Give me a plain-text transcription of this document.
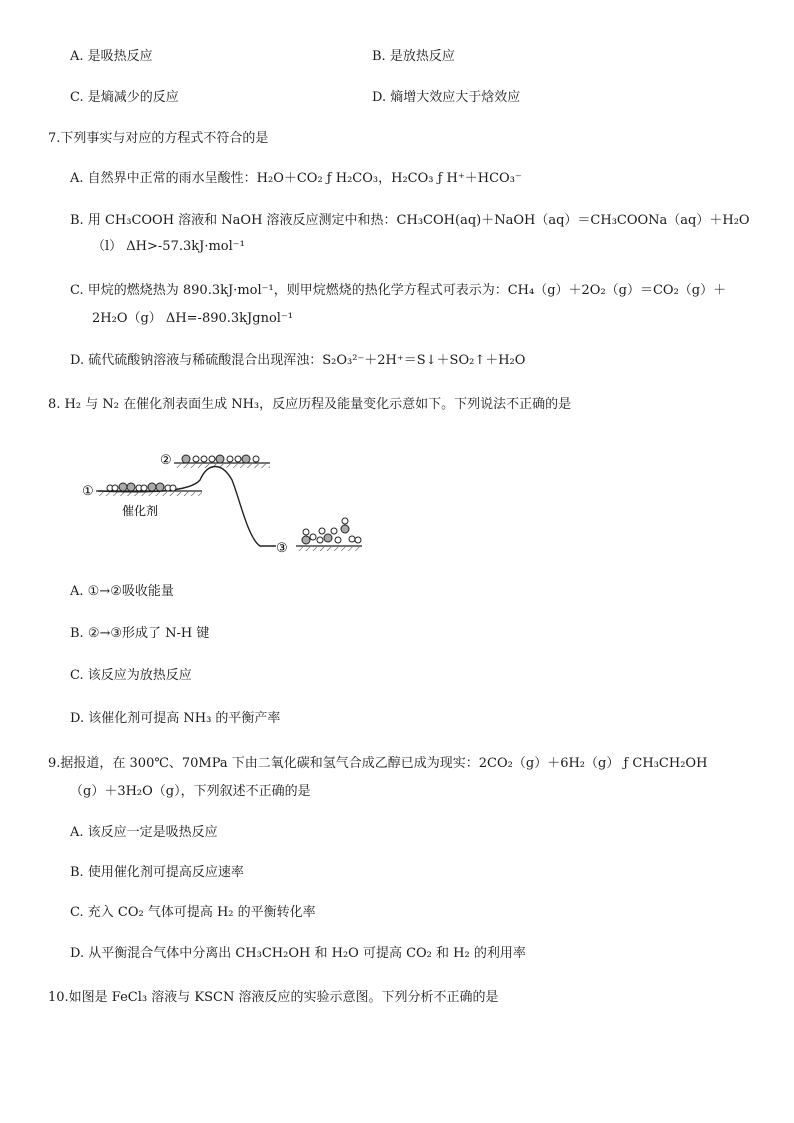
A. 是吸热反应	B. 是放热反应
C. 是熵减少的反应	D. 熵增大效应大于焓效应
7.下列事实与对应的方程式不符合的是
A. 自然界中正常的雨水呈酸性：H₂O＋CO₂ ƒ H₂CO₃，H₂CO₃ ƒ H⁺＋HCO₃⁻
B. 用 CH₃COOH 溶液和 NaOH 溶液反应测定中和热：CH₃COH(aq)＋NaOH（aq）＝CH₃COONa（aq）＋H₂O
（l） ΔH>-57.3kJ·mol⁻¹
C. 甲烷的燃烧热为 890.3kJ·mol⁻¹，则甲烷燃烧的热化学方程式可表示为：CH₄（g）＋2O₂（g）＝CO₂（g）＋
2H₂O（g） ΔH=-890.3kJgnol⁻¹
D. 硫代硫酸钠溶液与稀硫酸混合出现浑浊：S₂O₃²⁻＋2H⁺＝S↓＋SO₂↑＋H₂O
8. H₂ 与 N₂ 在催化剂表面生成 NH₃，反应历程及能量变化示意如下。下列说法不正确的是
①
②
③
催化剂
A. ①→②吸收能量
B. ②→③形成了 N-H 键
C. 该反应为放热反应
D. 该催化剂可提高 NH₃ 的平衡产率
9.据报道，在 300℃、70MPa 下由二氧化碳和氢气合成乙醇已成为现实：2CO₂（g）＋6H₂（g） ƒ CH₃CH₂OH
（g）＋3H₂O（g），下列叙述不正确的是
A. 该反应一定是吸热反应
B. 使用催化剂可提高反应速率
C. 充入 CO₂ 气体可提高 H₂ 的平衡转化率
D. 从平衡混合气体中分离出 CH₃CH₂OH 和 H₂O 可提高 CO₂ 和 H₂ 的利用率
10.如图是 FeCl₃ 溶液与 KSCN 溶液反应的实验示意图。下列分析不正确的是
